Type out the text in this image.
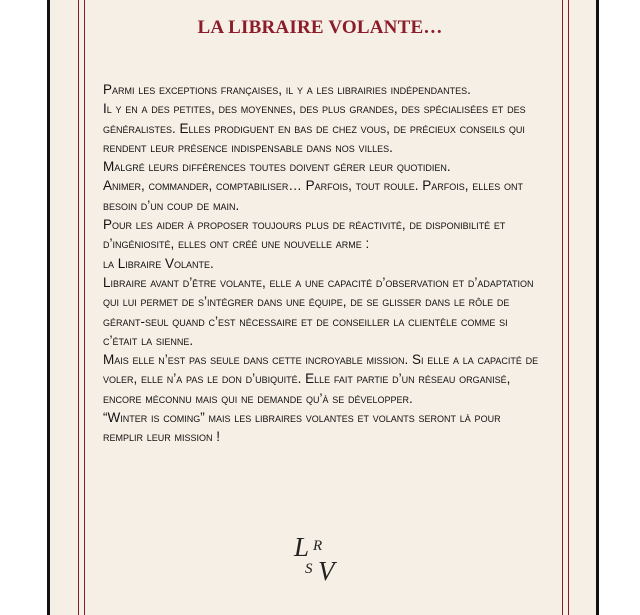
LA LIBRAIRE VOLANTE…

Parmi les exceptions françaises, il y a les librairies indépendantes.

Il y en a des petites, des moyennes, des plus grandes, des spécialisées et des généralistes. Elles prodiguent en bas de chez vous, de précieux conseils qui rendent leur présence indispensable dans nos villes.

Malgré leurs différences toutes doivent gérer leur quotidien.

Animer, commander, comptabiliser… Parfois, tout roule. Parfois, elles ont besoin d’un coup de main.

Pour les aider à proposer toujours plus de réactivité, de disponibilité et d’ingéniosité, elles ont créé une nouvelle arme :

la Libraire Volante.

Libraire avant d’être volante, elle a une capacité d’observation et d’adaptation qui lui permet de s’intégrer dans une équipe, de se glisser dans le rôle de gérant-seul quand c’est nécessaire et de conseiller la clientèle comme si c’était la sienne.

Mais elle n’est pas seule dans cette incroyable mission. Si elle a la capacité de voler, elle n’a pas le don d’ubiquité. Elle fait partie d’un réseau organisé, encore méconnu mais qui ne demande qu’à se développer.

“Winter is coming” mais les libraires volantes et volants seront là pour remplir leur mission !

L R
S V
